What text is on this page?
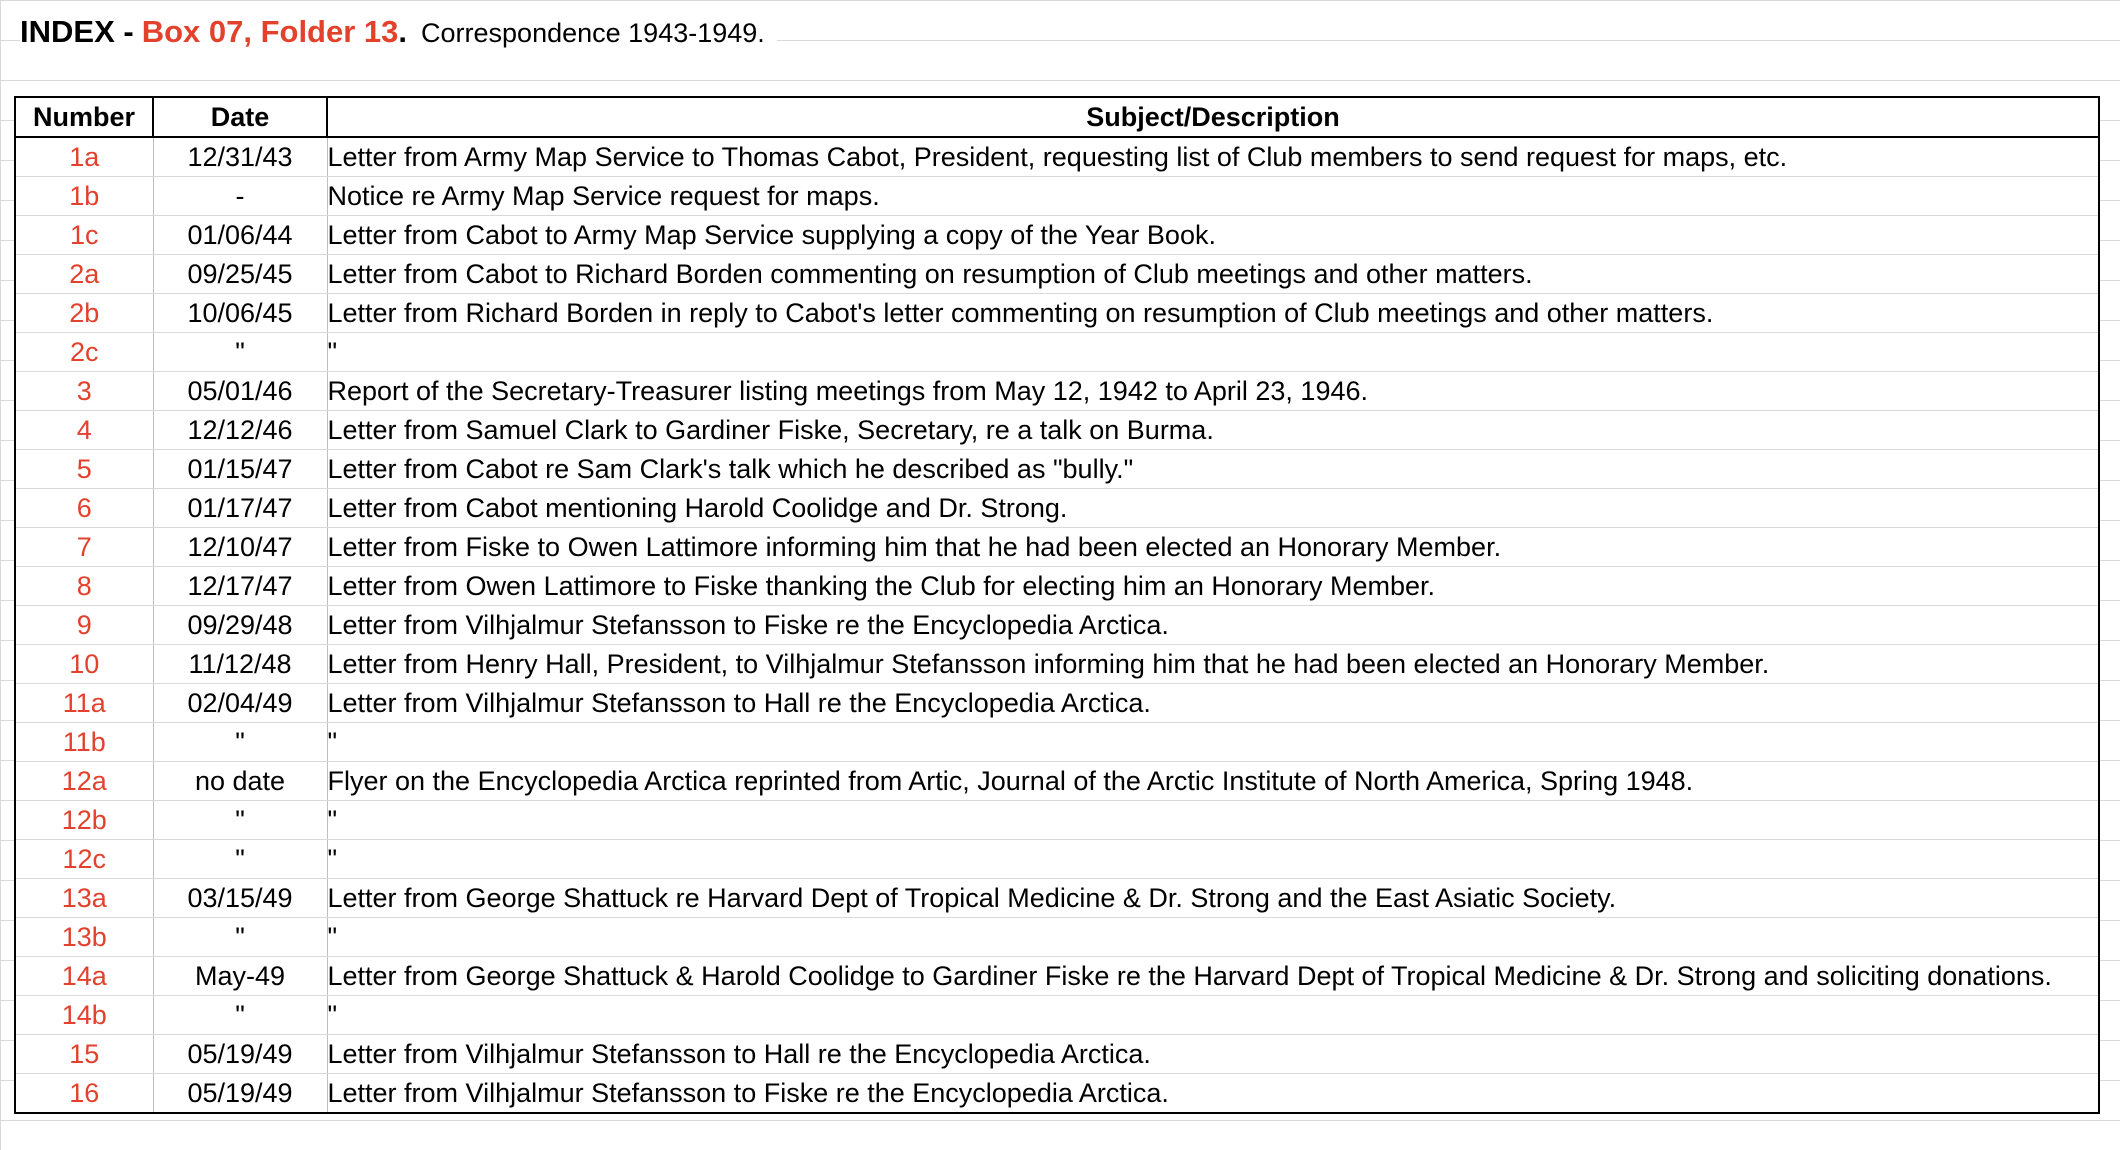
INDEX - Box 07, Folder 13 . Correspondence 1943-1949.
Number	Date	Subject/Description
1a	12/31/43	Letter from Army Map Service to Thomas Cabot, President, requesting list of Club members to send request for maps, etc.
1b	-	Notice re Army Map Service request for maps.
1c	01/06/44	Letter from Cabot to Army Map Service supplying a copy of the Year Book.
2a	09/25/45	Letter from Cabot to Richard Borden commenting on resumption of Club meetings and other matters.
2b	10/06/45	Letter from Richard Borden in reply to Cabot's letter commenting on resumption of Club meetings and other matters.
2c	"	"
3	05/01/46	Report of the Secretary-Treasurer listing meetings from May 12, 1942 to April 23, 1946.
4	12/12/46	Letter from Samuel Clark to Gardiner Fiske, Secretary, re a talk on Burma.
5	01/15/47	Letter from Cabot re Sam Clark's talk which he described as "bully."
6	01/17/47	Letter from Cabot mentioning Harold Coolidge and Dr. Strong.
7	12/10/47	Letter from Fiske to Owen Lattimore informing him that he had been elected an Honorary Member.
8	12/17/47	Letter from Owen Lattimore to Fiske thanking the Club for electing him an Honorary Member.
9	09/29/48	Letter from Vilhjalmur Stefansson to Fiske re the Encyclopedia Arctica.
10	11/12/48	Letter from Henry Hall, President, to Vilhjalmur Stefansson informing him that he had been elected an Honorary Member.
11a	02/04/49	Letter from Vilhjalmur Stefansson to Hall re the Encyclopedia Arctica.
11b	"	"
12a	no date	Flyer on the Encyclopedia Arctica reprinted from Artic, Journal of the Arctic Institute of North America, Spring 1948.
12b	"	"
12c	"	"
13a	03/15/49	Letter from George Shattuck re Harvard Dept of Tropical Medicine & Dr. Strong and the East Asiatic Society.
13b	"	"
14a	May-49	Letter from George Shattuck & Harold Coolidge to Gardiner Fiske re the Harvard Dept of Tropical Medicine & Dr. Strong and soliciting donations.
14b	"	"
15	05/19/49	Letter from Vilhjalmur Stefansson to Hall re the Encyclopedia Arctica.
16	05/19/49	Letter from Vilhjalmur Stefansson to Fiske re the Encyclopedia Arctica.
